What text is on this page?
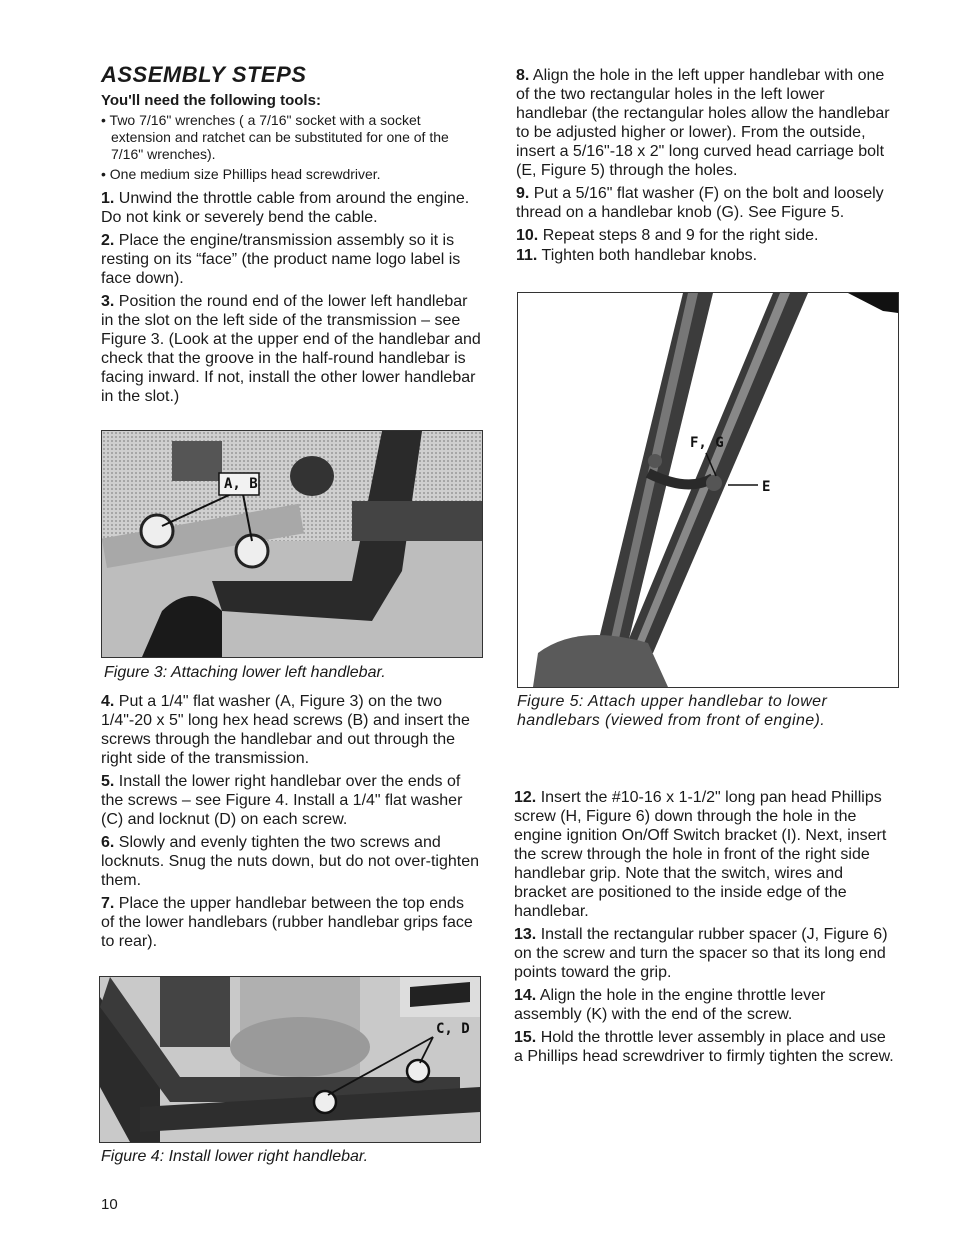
ASSEMBLY STEPS
You'll need the following tools:
• Two 7/16" wrenches ( a 7/16" socket with a socket extension and ratchet can be substituted for one of the 7/16" wrenches).
• One medium size Phillips head screwdriver.

1. Unwind the throttle cable from around the engine. Do not kink or severely bend the cable.

2. Place the engine/transmission assembly so it is resting on its “face” (the product name logo label is face down).

3. Position the round end of the lower left handlebar in the slot on the left side of the transmission – see Figure 3. (Look at the upper end of the handlebar and check that the groove in the half-round handlebar is facing inward. If not, install the other lower handlebar in the slot.)

A, B
Figure 3: Attaching lower left handlebar.

4. Put a 1/4" flat washer (A, Figure 3) on the two 1/4"-20 x 5" long hex head screws (B) and insert the screws through the handlebar and out through the right side of the transmission.

5. Install the lower right handlebar over the ends of the screws – see Figure 4. Install a 1/4" flat washer (C) and locknut (D) on each screw.

6. Slowly and evenly tighten the two screws and locknuts. Snug the nuts down, but do not over-tighten them.

7. Place the upper handlebar between the top ends of the lower handlebars (rubber handlebar grips face to rear).

C, D
Figure 4: Install lower right handlebar.

8. Align the hole in the left upper handlebar with one of the two rectangular holes in the left lower handlebar (the rectangular holes allow the handlebar to be adjusted higher or lower). From the outside, insert a 5/16"-18 x 2" long curved head carriage bolt (E, Figure 5) through the holes.

9. Put a 5/16" flat washer (F) on the bolt and loosely thread on a handlebar knob (G). See Figure 5.

10. Repeat steps 8 and 9 for the right side.

11. Tighten both handlebar knobs.

F, G
E
Figure 5: Attach upper handlebar to lower handlebars (viewed from front of engine).

12. Insert the #10-16 x 1-1/2" long pan head Phillips screw (H, Figure 6) down through the hole in the engine ignition On/Off Switch bracket (I). Next, insert the screw through the hole in front of the right side handlebar grip. Note that the switch, wires and bracket are positioned to the inside edge of the handlebar.

13. Install the rectangular rubber spacer (J, Figure 6) on the screw and turn the spacer so that its long end points toward the grip.

14. Align the hole in the engine throttle lever assembly (K) with the end of the screw.

15. Hold the throttle lever assembly in place and use a Phillips head screwdriver to firmly tighten the screw.

10
